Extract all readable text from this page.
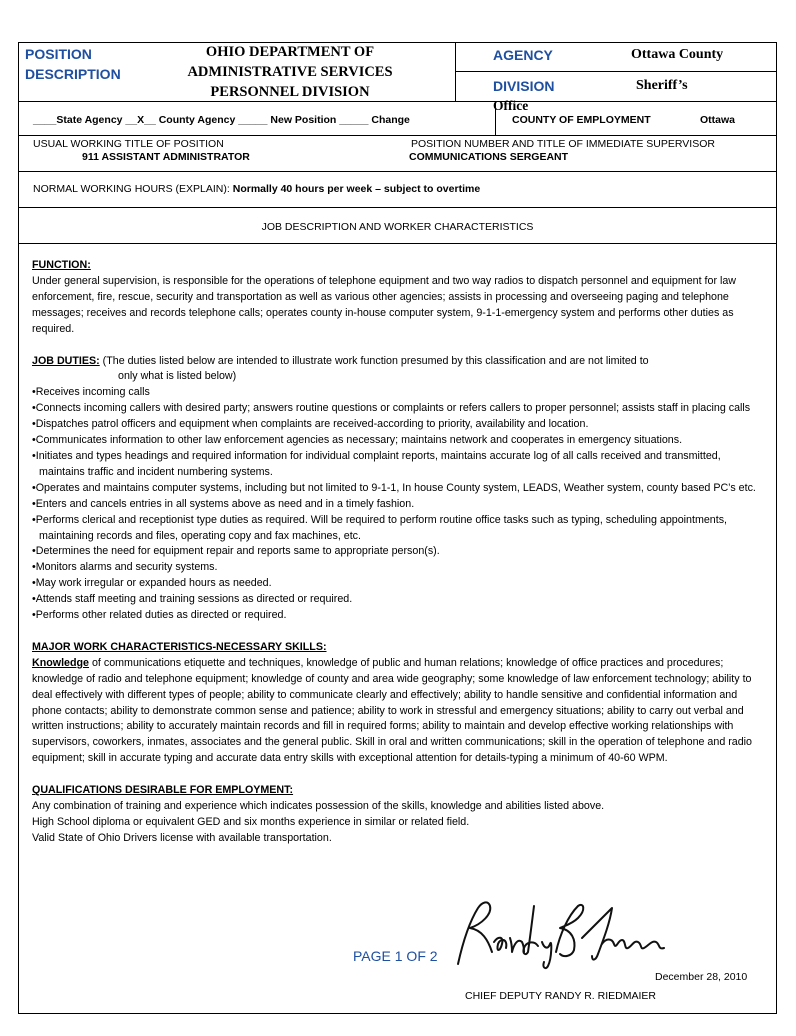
POSITION
DESCRIPTION
OHIO DEPARTMENT OF
ADMINISTRATIVE SERVICES
PERSONNEL DIVISION
AGENCY	Ottawa County
DIVISION	Sheriff’s
Office
____State Agency __X__ County Agency _____ New Position _____ Change	COUNTY OF EMPLOYMENT	Ottawa
USUAL WORKING TITLE OF POSITION
911 ASSISTANT ADMINISTRATOR
POSITION NUMBER AND TITLE OF IMMEDIATE SUPERVISOR
COMMUNICATIONS SERGEANT
NORMAL WORKING HOURS (EXPLAIN): Normally 40 hours per week – subject to overtime
JOB DESCRIPTION AND WORKER CHARACTERISTICS

FUNCTION:

Under general supervision, is responsible for the operations of telephone equipment and two way radios to dispatch personnel and equipment for law enforcement, fire, rescue, security and transportation as well as various other agencies; assists in processing and overseeing paging and telephone messages; receives and records telephone calls; operates county in-house computer system, 9-1-1-emergency system and performs other duties as required.

JOB DUTIES: (The duties listed below are intended to illustrate work function presumed by this classification and are not limited to

only what is listed below)

•Receives incoming calls

•Connects incoming callers with desired party; answers routine questions or complaints or refers callers to proper personnel; assists staff in placing calls

•Dispatches patrol officers and equipment when complaints are received-according to priority, availability and location.

•Communicates information to other law enforcement agencies as necessary; maintains network and cooperates in emergency situations.

•Initiates and types headings and required information for individual complaint reports, maintains accurate log of all calls received and transmitted, maintains traffic and incident numbering systems.

•Operates and maintains computer systems, including but not limited to 9-1-1, In house County system, LEADS, Weather system, county based PC’s etc.

•Enters and cancels entries in all systems above as need and in a timely fashion.

•Performs clerical and receptionist type duties as required. Will be required to perform routine office tasks such as typing, scheduling appointments, maintaining records and files, operating copy and fax machines, etc.

•Determines the need for equipment repair and reports same to appropriate person(s).

•Monitors alarms and security systems.

•May work irregular or expanded hours as needed.

•Attends staff meeting and training sessions as directed or required.

•Performs other related duties as directed or required.

MAJOR WORK CHARACTERISTICS-NECESSARY SKILLS:

Knowledge of communications etiquette and techniques, knowledge of public and human relations; knowledge of office practices and procedures; knowledge of radio and telephone equipment; knowledge of county and area wide geography; some knowledge of law enforcement technology; ability to deal effectively with different types of people; ability to communicate clearly and effectively; ability to handle sensitive and confidential information and phone contacts; ability to demonstrate common sense and patience; ability to work in stressful and emergency situations; ability to carry out verbal and written instructions; ability to accurately maintain records and fill in required forms; ability to maintain and develop effective working relationships with supervisors, coworkers, inmates, associates and the general public. Skill in oral and written communications; skill in the operation of telephone and radio equipment; skill in accurate typing and accurate data entry skills with exceptional attention for details-typing a minimum of 40-60 WPM.

QUALIFICATIONS DESIRABLE FOR EMPLOYMENT:

Any combination of training and experience which indicates possession of the skills, knowledge and abilities listed above.

High School diploma or equivalent GED and six months experience in similar or related field.

Valid State of Ohio Drivers license with available transportation.

PAGE 1 OF 2
December 28, 2010
CHIEF DEPUTY RANDY R. RIEDMAIER
